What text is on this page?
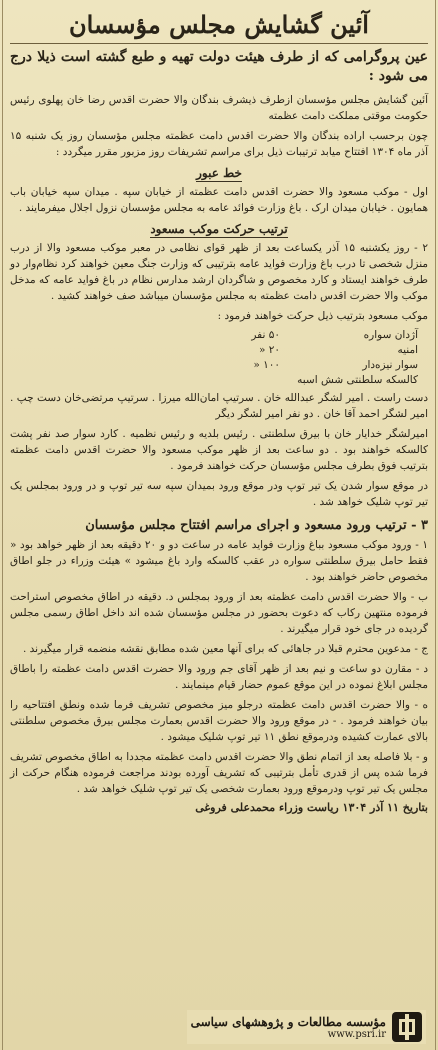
آئین گشایش مجلس مؤسسان
عین پروگرامی که از طرف هیئت دولت تهیه و طبع گشته است ذیلا درج می شود :

آئین گشایش مجلس مؤسسان ازطرف ذیشرف بندگان والا حضرت اقدس رضا خان پهلوی رئیس حکومت موقتی مملکت دامت عظمته

چون برحسب اراده بندگان والا حضرت اقدس دامت عظمته مجلس مؤسسان روز یک شنبه ۱۵ آذر ماه ۱۳۰۴ افتتاح میابد ترتیبات ذیل برای مراسم تشریفات روز مزبور مقرر میگردد :

خط عبور

اول - موکب مسعود والا حضرت اقدس دامت عظمته از خیابان سپه . میدان سپه خیابان باب همایون . خیابان میدان ارک . باغ وزارت فوائد عامه به مجلس مؤسسان نزول اجلال میفرمایند .

ترتیب حرکت موکب مسعود

۲ - روز یکشنبه ۱۵ آذر یکساعت بعد از ظهر قوای نظامی در معبر موکب مسعود والا از درب منزل شخصی تا درب باغ وزارت فواید عامه بترتیبی که وزارت جنگ معین خواهند کرد نظام‌وار دو طرف خواهند ایستاد و کارد مخصوص و شاگردان ارشد مدارس نظام در باغ فواید عامه که مدخل موکب والا حضرت اقدس دامت عظمته به مجلس مؤسسان میباشد صف خواهند کشید .

موکب مسعود بترتیب ذیل حرکت خواهند فرمود :

آژدان سواره
۵۰ نفر
امنیه
۲۰ «
سوار نیزه‌دار
۱۰۰ «
کالسکه سلطنتی شش اسبه

دست راست . امیر لشگر عبدالله خان . سرتیپ امان‌الله میرزا . سرتیپ مرتضی‌خان دست چپ . امیر لشگر احمد آقا خان . دو نفر امیر لشگر دیگر

امیرلشگر خدایار خان با بیرق سلطنتی . رئیس بلدیه و رئیس نظمیه . کارد سوار صد نفر پشت کالسکه خواهند بود . دو ساعت بعد از ظهر موکب مسعود والا حضرت اقدس دامت عظمته بترتیب فوق بطرف مجلس مؤسسان حرکت خواهند فرمود .

در موقع سوار شدن یک تیر توپ ودر موقع ورود بمیدان سپه سه تیر توپ و در ورود بمجلس یک تیر توپ شلیک خواهد شد .

۳ - ترتیب ورود مسعود و اجرای مراسم افتتاح مجلس مؤسسان

۱ - ورود موکب مسعود بباغ وزارت فواید عامه در ساعت دو و ۲۰ دقیقه بعد از ظهر خواهد بود « فقط حامل بیرق سلطنتی سواره در عقب کالسکه وارد باغ میشود » هیئت وزراء در جلو اطاق مخصوص حاضر خواهند بود .

ب - والا حضرت اقدس دامت عظمته بعد از ورود بمجلس د. دقیقه در اطاق مخصوص استراحت فرموده منتهین رکاب که دعوت بحضور در مجلس مؤسسان شده اند داخل اطاق رسمی مجلس گردیده در جای خود قرار میگیرند .

ج - مدعوین محترم قبلا در جاهائی که برای آنها معین شده مطابق نقشه منضمه قرار میگیرند .

د - مقارن دو ساعت و نیم بعد از ظهر آقای جم ورود والا حضرت اقدس دامت عظمته را باطاق مجلس ابلاغ نموده در این موقع عموم حضار قیام مینمایند .

ه - والا حضرت اقدس دامت عظمته درجلو میز مخصوص تشریف فرما شده ونطق افتتاحیه را بیان خواهند فرمود . - در موقع ورود والا حضرت اقدس بعمارت مجلس بیرق مخصوص سلطنتی بالای عمارت کشیده ودرموقع نطق ۱۱ تیر توپ شلیک میشود .

و - بلا فاصله بعد از اتمام نطق والا حضرت اقدس دامت عظمته مجددا به اطاق مخصوص تشریف فرما شده پس از قدری تأمل بترتیبی که تشریف آورده بودند مراجعت فرموده هنگام حرکت از مجلس یک تیر توپ ودرموقع ورود بعمارت شخصی یک تیر توپ شلیک خواهد شد .

بتاریخ ۱۱ آذر ۱۳۰۴ ریاست وزراء محمدعلی فروغی
مؤسسه مطالعات و پژوهشهای سیاسی
www.psri.ir
